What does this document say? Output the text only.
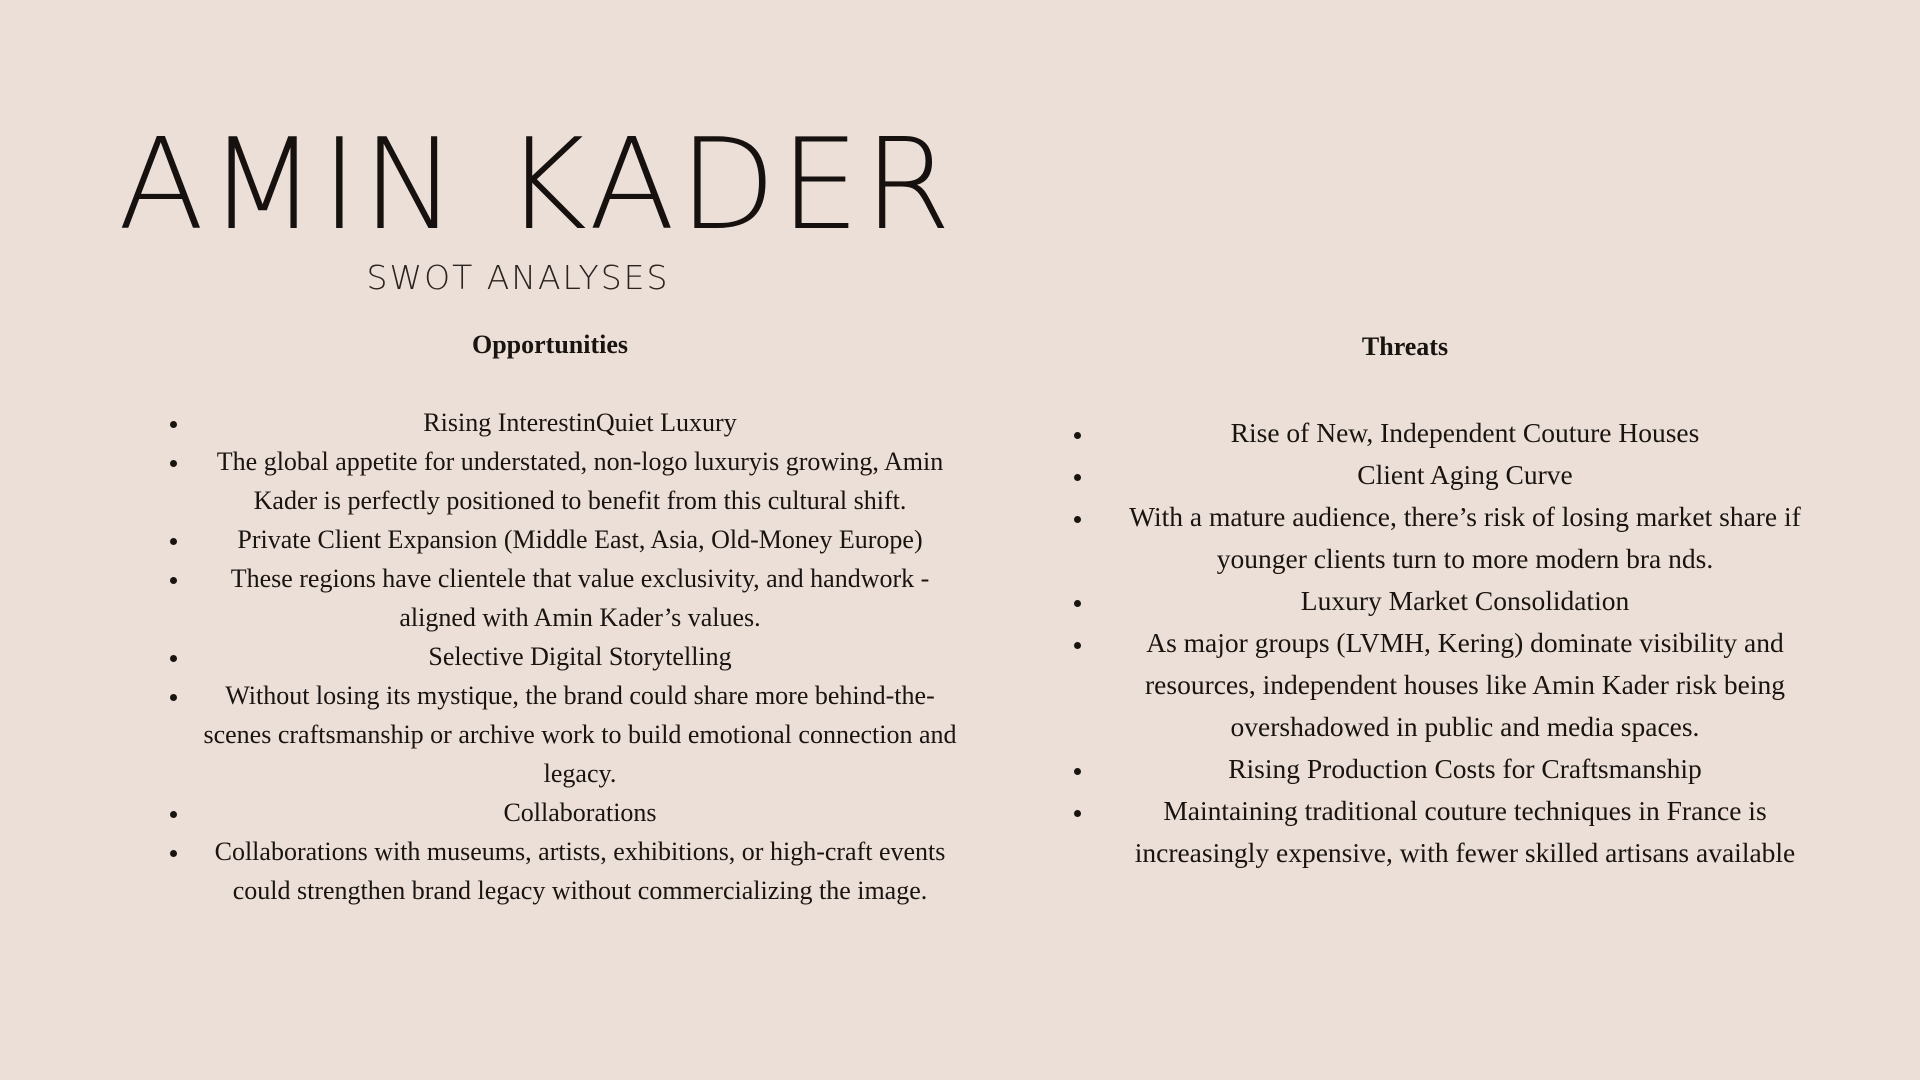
AMIN KADER
SWOT ANALYSES
Opportunities
Rising InterestinQuiet Luxury
The global appetite for understated, non-logo luxuryis growing, Amin Kader is perfectly positioned to benefit from this cultural shift.
Private Client Expansion (Middle East, Asia, Old-Money Europe)
These regions have clientele that value exclusivity, and handwork - aligned with Amin Kader’s values.
Selective Digital Storytelling
Without losing its mystique, the brand could share more behind-the-scenes craftsmanship or archive work to build emotional connection and legacy.
Collaborations
Collaborations with museums, artists, exhibitions, or high-craft events could strengthen brand legacy without commercializing the image.
Threats
Rise of New, Independent Couture Houses
Client Aging Curve
With a mature audience, there’s risk of losing market share if younger clients turn to more modern bra nds.
Luxury Market Consolidation
As major groups (LVMH, Kering) dominate visibility and resources, independent houses like Amin Kader risk being overshadowed in public and media spaces.
Rising Production Costs for Craftsmanship
Maintaining traditional couture techniques in France is increasingly expensive, with fewer skilled artisans available
